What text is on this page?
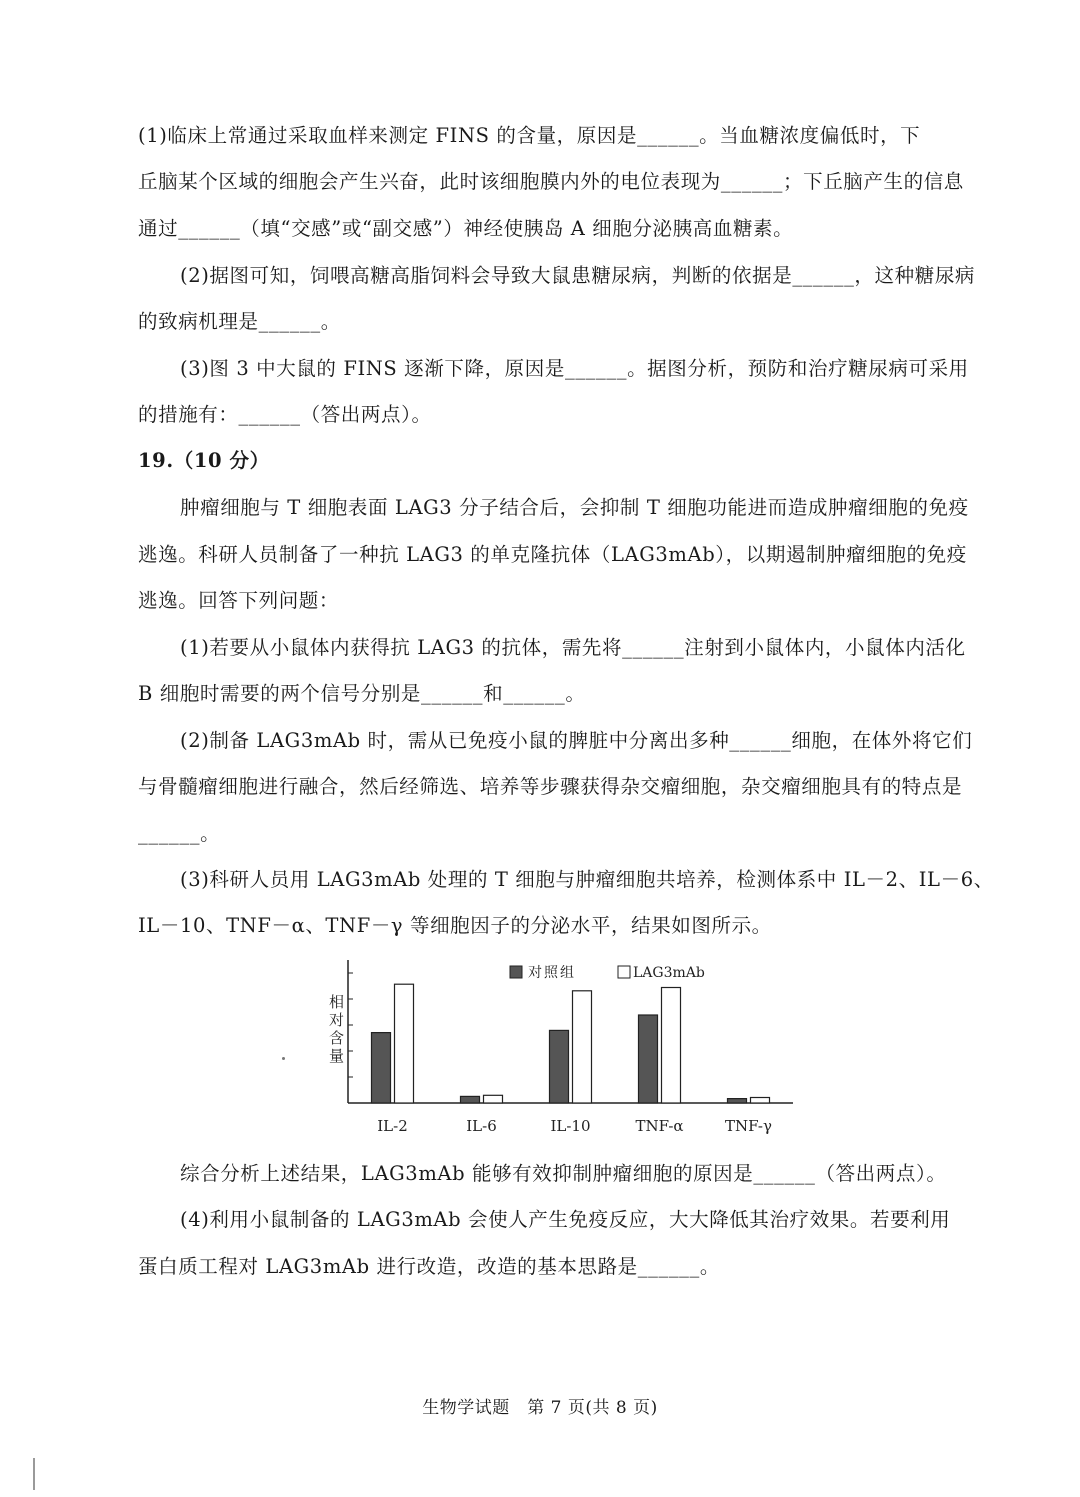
(1)临床上常通过采取血样来测定 FINS 的含量，原因是______。当血糖浓度偏低时，下
丘脑某个区域的细胞会产生兴奋，此时该细胞膜内外的电位表现为______；下丘脑产生的信息
通过______（填“交感”或“副交感”）神经使胰岛 A 细胞分泌胰高血糖素。
(2)据图可知，饲喂高糖高脂饲料会导致大鼠患糖尿病，判断的依据是______，这种糖尿病
的致病机理是______。
(3)图 3 中大鼠的 FINS 逐渐下降，原因是______。据图分析，预防和治疗糖尿病可采用
的措施有：______（答出两点）。
19.（10 分）
肿瘤细胞与 T 细胞表面 LAG3 分子结合后，会抑制 T 细胞功能进而造成肿瘤细胞的免疫
逃逸。科研人员制备了一种抗 LAG3 的单克隆抗体（LAG3mAb），以期遏制肿瘤细胞的免疫
逃逸。回答下列问题：
(1)若要从小鼠体内获得抗 LAG3 的抗体，需先将______注射到小鼠体内，小鼠体内活化
B 细胞时需要的两个信号分别是______和______。
(2)制备 LAG3mAb 时，需从已免疫小鼠的脾脏中分离出多种______细胞，在体外将它们
与骨髓瘤细胞进行融合，然后经筛选、培养等步骤获得杂交瘤细胞，杂交瘤细胞具有的特点是
______。
(3)科研人员用 LAG3mAb 处理的 T 细胞与肿瘤细胞共培养，检测体系中 IL－2、IL－6、
IL－10、TNF－α、TNF－γ 等细胞因子的分泌水平，结果如图所示。
相对含量
IL-2	IL-6	IL-10	TNF-α	TNF-γ
对照组	LAG3mAb
综合分析上述结果，LAG3mAb 能够有效抑制肿瘤细胞的原因是______（答出两点）。
(4)利用小鼠制备的 LAG3mAb 会使人产生免疫反应，大大降低其治疗效果。若要利用
蛋白质工程对 LAG3mAb 进行改造，改造的基本思路是______。
生物学试题　第 7 页(共 8 页)
